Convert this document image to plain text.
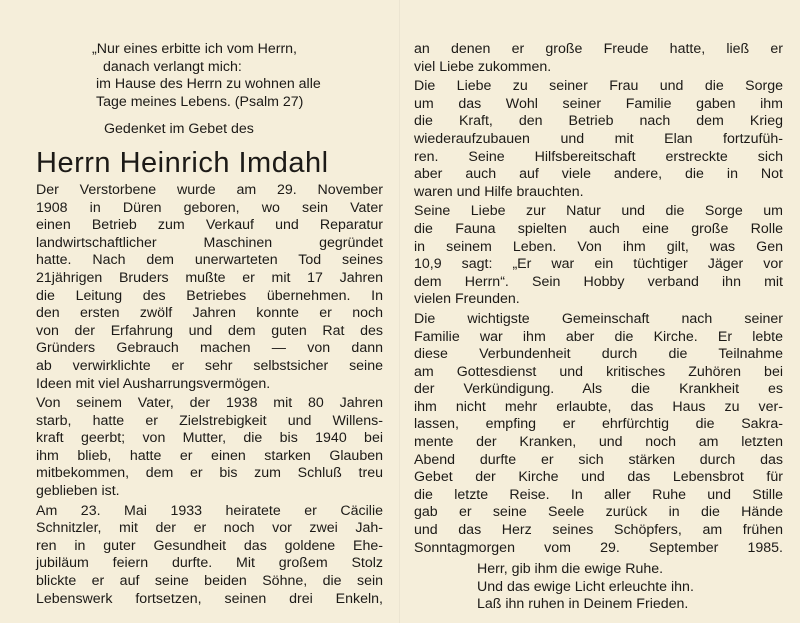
„Nur eines erbitte ich vom Herrn,
danach verlangt mich:
im Hause des Herrn zu wohnen alle
Tage meines Lebens. (Psalm 27)
Gedenket im Gebet des
Herrn Heinrich Imdahl
Der Verstorbene wurde am 29. November
1908 in Düren geboren, wo sein Vater
einen Betrieb zum Verkauf und Reparatur
landwirtschaftlicher Maschinen gegründet
hatte. Nach dem unerwarteten Tod seines
21jährigen Bruders mußte er mit 17 Jahren
die Leitung des Betriebes übernehmen. In
den ersten zwölf Jahren konnte er noch
von der Erfahrung und dem guten Rat des
Gründers Gebrauch machen — von dann
ab verwirklichte er sehr selbstsicher seine
Ideen mit viel Ausharrungsvermögen.
Von seinem Vater, der 1938 mit 80 Jahren
starb, hatte er Zielstrebigkeit und Willens-
kraft geerbt; von Mutter, die bis 1940 bei
ihm blieb, hatte er einen starken Glauben
mitbekommen, dem er bis zum Schluß treu
geblieben ist.
Am 23. Mai 1933 heiratete er Cäcilie
Schnitzler, mit der er noch vor zwei Jah-
ren in guter Gesundheit das goldene Ehe-
jubiläum feiern durfte. Mit großem Stolz
blickte er auf seine beiden Söhne, die sein
Lebenswerk fortsetzen, seinen drei Enkeln,
an denen er große Freude hatte, ließ er
viel Liebe zukommen.
Die Liebe zu seiner Frau und die Sorge
um das Wohl seiner Familie gaben ihm
die Kraft, den Betrieb nach dem Krieg
wiederaufzubauen und mit Elan fortzufüh-
ren. Seine Hilfsbereitschaft erstreckte sich
aber auch auf viele andere, die in Not
waren und Hilfe brauchten.
Seine Liebe zur Natur und die Sorge um
die Fauna spielten auch eine große Rolle
in seinem Leben. Von ihm gilt, was Gen
10,9 sagt: „Er war ein tüchtiger Jäger vor
dem Herrn“. Sein Hobby verband ihn mit
vielen Freunden.
Die wichtigste Gemeinschaft nach seiner
Familie war ihm aber die Kirche. Er lebte
diese Verbundenheit durch die Teilnahme
am Gottesdienst und kritisches Zuhören bei
der Verkündigung. Als die Krankheit es
ihm nicht mehr erlaubte, das Haus zu ver-
lassen, empfing er ehrfürchtig die Sakra-
mente der Kranken, und noch am letzten
Abend durfte er sich stärken durch das
Gebet der Kirche und das Lebensbrot für
die letzte Reise. In aller Ruhe und Stille
gab er seine Seele zurück in die Hände
und das Herz seines Schöpfers, am frühen
Sonntagmorgen vom 29. September 1985.
Herr, gib ihm die ewige Ruhe.
Und das ewige Licht erleuchte ihn.
Laß ihn ruhen in Deinem Frieden.
